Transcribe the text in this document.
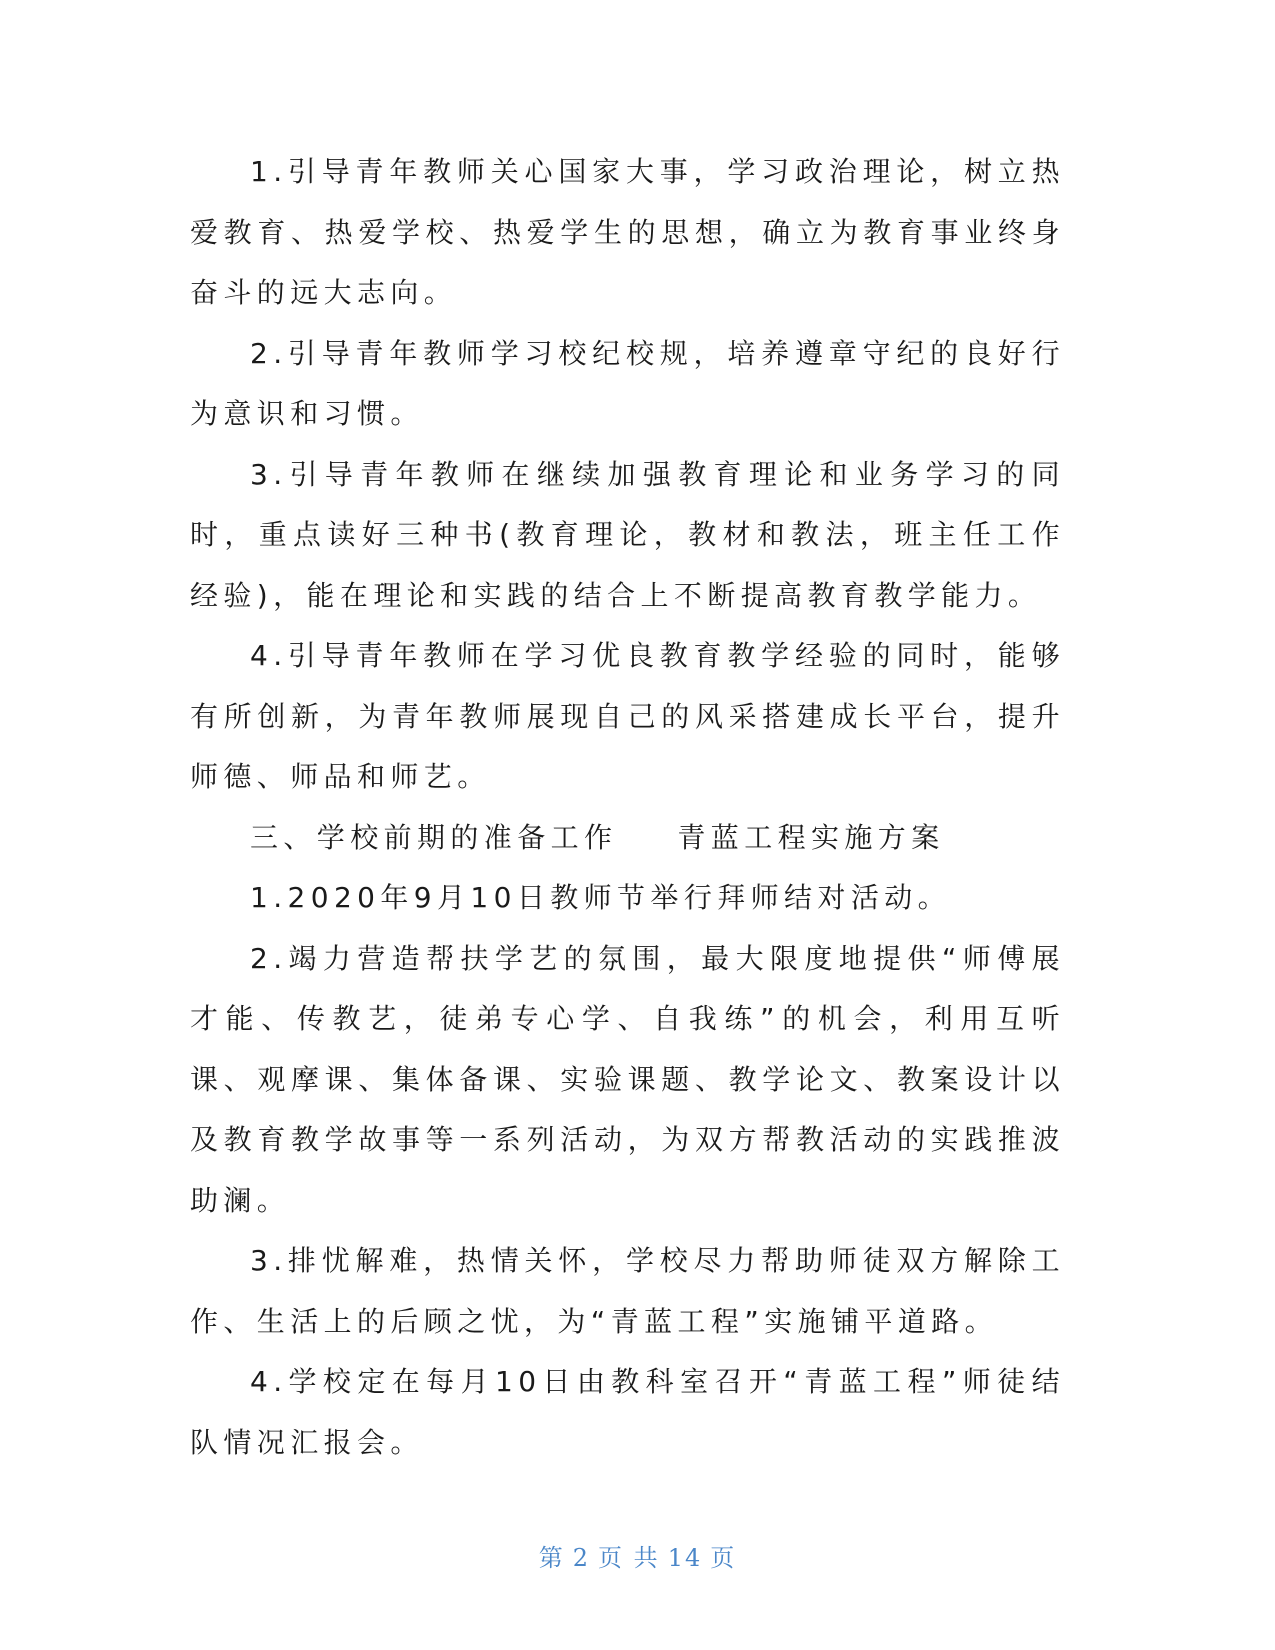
1.引导青年教师关心国家大事，学习政治理论，树立热爱教育、热爱学校、热爱学生的思想，确立为教育事业终身奋斗的远大志向。

2.引导青年教师学习校纪校规，培养遵章守纪的良好行为意识和习惯。

3.引导青年教师在继续加强教育理论和业务学习的同时，重点读好三种书(教育理论，教材和教法，班主任工作经验)，能在理论和实践的结合上不断提高教育教学能力。

4.引导青年教师在学习优良教育教学经验的同时，能够有所创新，为青年教师展现自己的风采搭建成长平台，提升师德、师品和师艺。

三、学校前期的准备工作 青蓝工程实施方案

1.2020年9月10日教师节举行拜师结对活动。

2.竭力营造帮扶学艺的氛围，最大限度地提供“师傅展才能、传教艺，徒弟专心学、自我练”的机会，利用互听课、观摩课、集体备课、实验课题、教学论文、教案设计以及教育教学故事等一系列活动，为双方帮教活动的实践推波助澜。

3.排忧解难，热情关怀，学校尽力帮助师徒双方解除工作、生活上的后顾之忧，为“青蓝工程”实施铺平道路。

4.学校定在每月10日由教科室召开“青蓝工程”师徒结队情况汇报会。

第 2 页 共 14 页
